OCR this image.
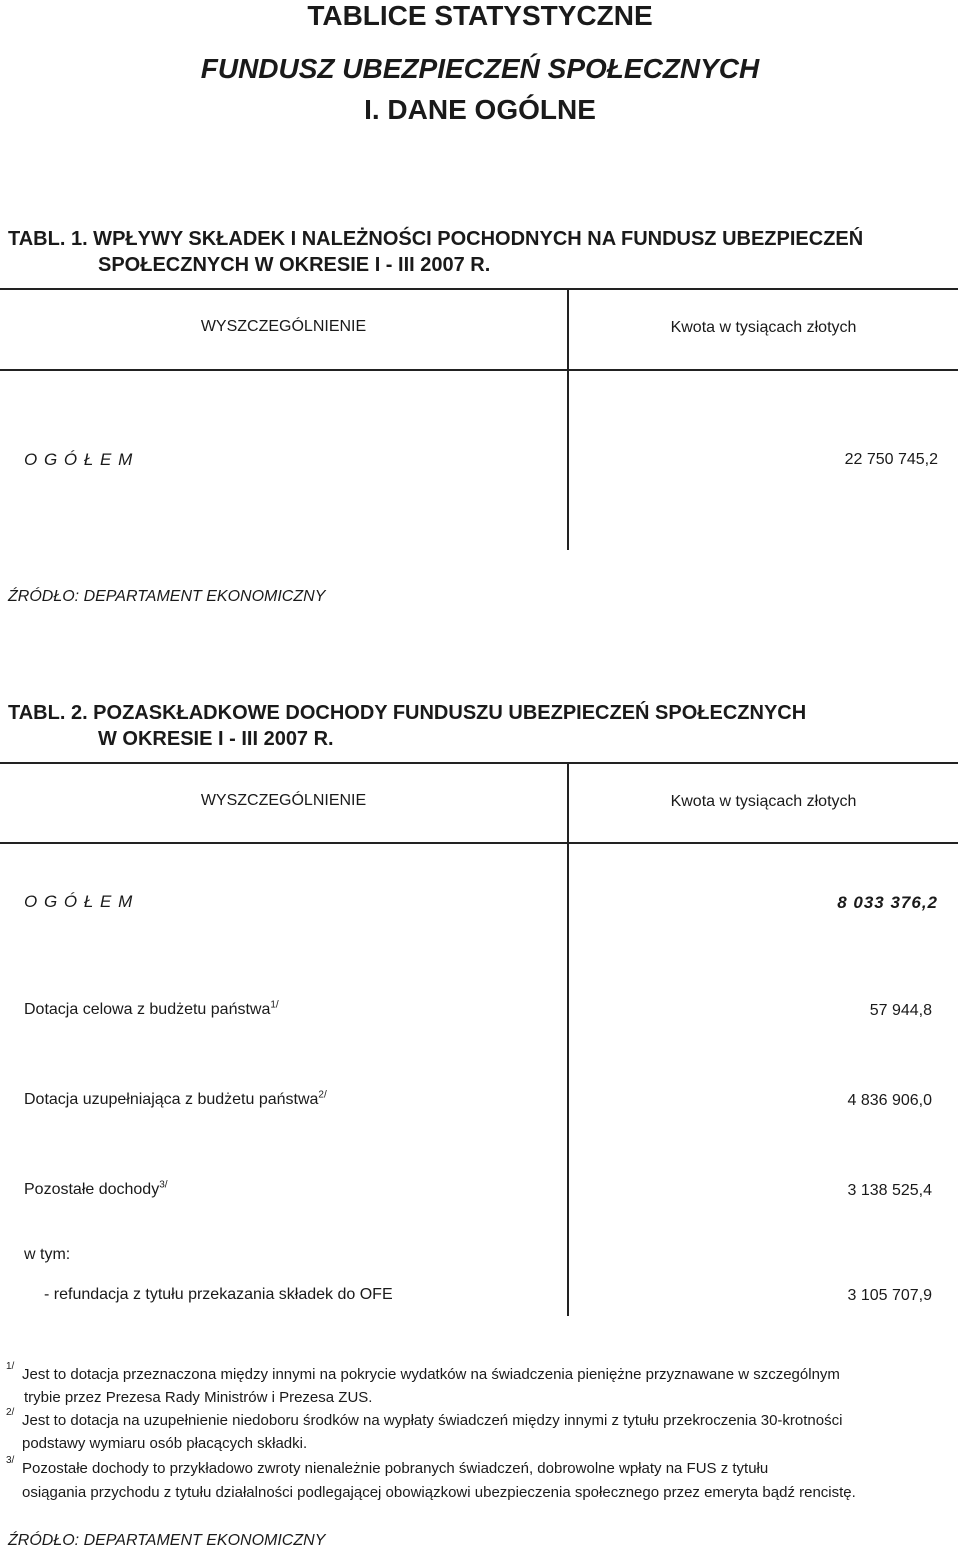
TABLICE STATYSTYCZNE
FUNDUSZ UBEZPIECZEŃ SPOŁECZNYCH
I. DANE OGÓLNE
TABL. 1. WPŁYWY SKŁADEK I NALEŻNOŚCI POCHODNYCH NA FUNDUSZ UBEZPIECZEŃ
SPOŁECZNYCH W OKRESIE I - III 2007 R.
WYSZCZEGÓLNIENIE	Kwota w tysiącach złotych
O G Ó Ł E M	22 750 745,2
ŹRÓDŁO: DEPARTAMENT EKONOMICZNY
TABL. 2. POZASKŁADKOWE DOCHODY FUNDUSZU UBEZPIECZEŃ SPOŁECZNYCH
W OKRESIE I - III 2007 R.
WYSZCZEGÓLNIENIE	Kwota w tysiącach złotych
O G Ó Ł E M	8 033 376,2
Dotacja celowa z budżetu państwa$^{1/}$	57 944,8
Dotacja uzupełniająca z budżetu państwa$^{2/}$	4 836 906,0
Pozostałe dochody$^{3/}$	3 138 525,4
w tym:
- refundacja z tytułu przekazania składek do OFE	3 105 707,9
$^{1/}$ Jest to dotacja przeznaczona między innymi na pokrycie wydatków na świadczenia pieniężne przyznawane w szczególnym
trybie przez Prezesa Rady Ministrów i Prezesa ZUS.
$^{2/}$ Jest to dotacja na uzupełnienie niedoboru środków na wypłaty świadczeń między innymi z tytułu przekroczenia 30-krotności
podstawy wymiaru osób płacących składki.
$^{3/}$ Pozostałe dochody to przykładowo zwroty nienależnie pobranych świadczeń, dobrowolne wpłaty na FUS z tytułu
osiągania przychodu z tytułu działalności podlegającej obowiązkowi ubezpieczenia społecznego przez emeryta bądź rencistę.
ŹRÓDŁO: DEPARTAMENT EKONOMICZNY
